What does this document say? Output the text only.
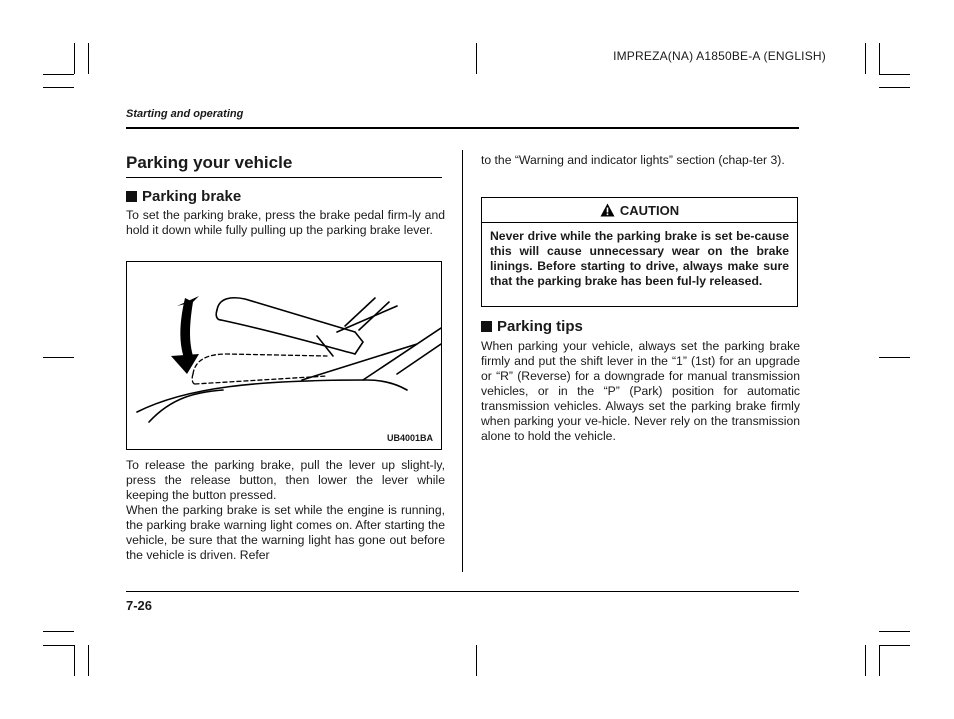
IMPREZA(NA) A1850BE-A (ENGLISH)
Starting and operating
Parking your vehicle
Parking brake
To set the parking brake, press the brake pedal firm-ly and hold it down while fully pulling up the parking brake lever.
UB4001BA
To release the parking brake, pull the lever up slight-ly, press the release button, then lower the lever while keeping the button pressed.
When the parking brake is set while the engine is running, the parking brake warning light comes on. After starting the vehicle, be sure that the warning light has gone out before the vehicle is driven. Refer
to the “Warning and indicator lights” section (chap-ter 3).
CAUTION
Never drive while the parking brake is set be-cause this will cause unnecessary wear on the brake linings. Before starting to drive, always make sure that the parking brake has been ful-ly released.
Parking tips
When parking your vehicle, always set the parking brake firmly and put the shift lever in the “1” (1st) for an upgrade or “R” (Reverse) for a downgrade for manual transmission vehicles, or in the “P” (Park) position for automatic transmission vehicles. Always set the parking brake firmly when parking your ve-hicle. Never rely on the transmission alone to hold the vehicle.
7-26
